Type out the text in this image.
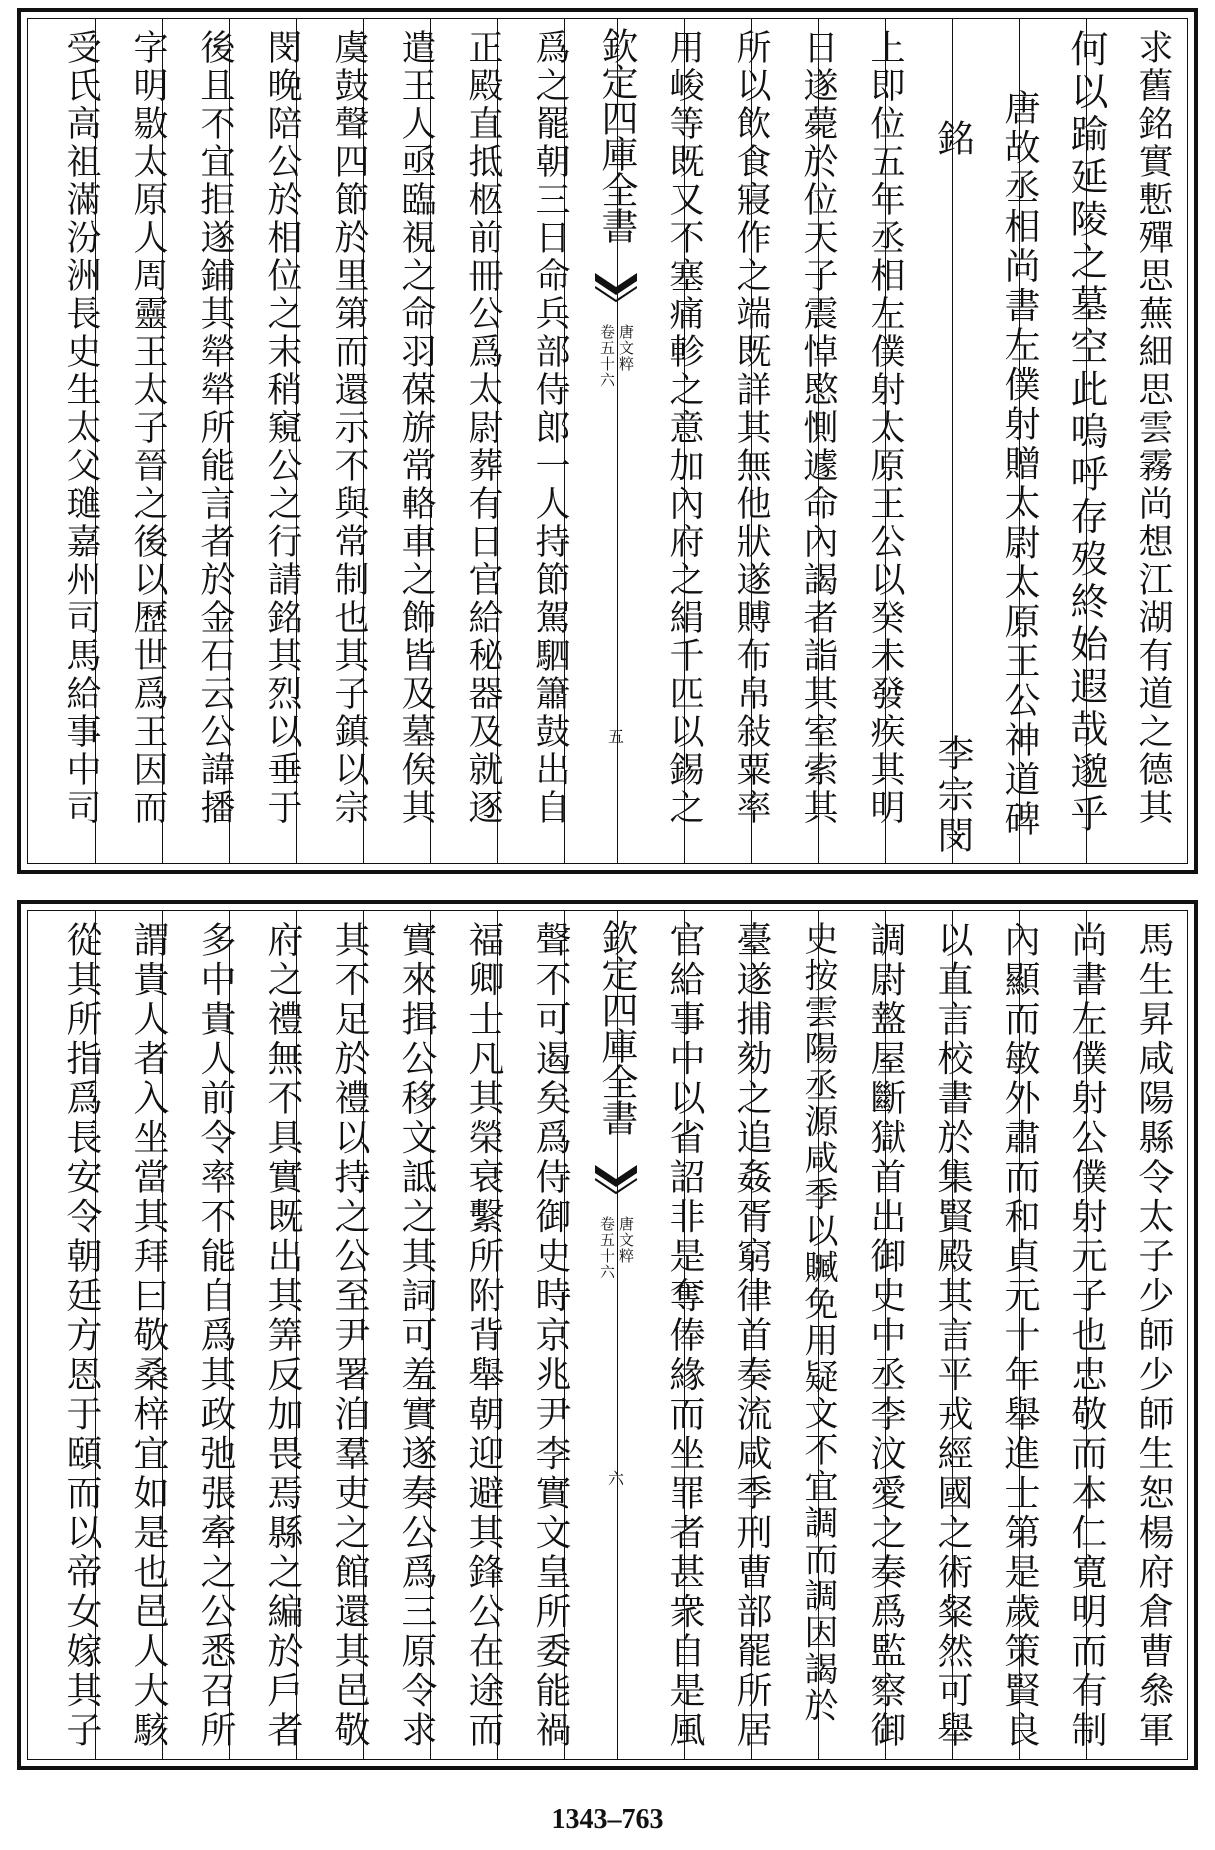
求舊銘實慙殫思蕪細思雲霧尚想江湖有道之德其
何以踰延陵之墓空此嗚呼存歿終始遐哉邈乎
唐故丞相尚書左僕射贈太尉太原王公神道碑
銘　　　　　　　　　　　　　　李宗閔
上即位五年丞相左僕射太原王公以癸未發疾其明
日遂薨於位天子震悼愍惻遽命內謁者詣其室索其
所以飲食寢作之端既詳其無他狀遂賻布帛敍粟率
用峻等既又不塞痛軫之意加內府之絹千匹以錫之
欽定四庫全書
卷五十六 唐文粹
五
爲之罷朝三日命兵部侍郎一人持節駕駟簫鼓出自
正殿直抵柩前冊公爲太尉葬有日官給秘器及就逐
遣王人亟臨視之命羽葆旂常輅車之飾皆及墓俟其
虞鼓聲四節於里第而還示不與常制也其子鎮以宗
閔晚陪公於相位之末稍窺公之行請銘其烈以垂于
後且不宜拒遂鋪其犖犖所能言者於金石云公諱播
字明敭太原人周靈王太子晉之後以歷世爲王因而
受氏高祖滿汾洲長史生太父璡嘉州司馬給事中司
馬生昇咸陽縣令太子少師少師生恕楊府倉曹叅軍
尚書左僕射公僕射元子也忠敬而本仁寛明而有制
內顯而敏外肅而和貞元十年舉進士第是歲策賢良
以直言校書於集賢殿其言平戎經國之術粲然可舉
調尉盩屋斷獄首出御史中丞李汶愛之奏爲監察御
史按雲陽丞源咸季以贓免用疑文不宜調而調因謁於
臺遂捕劾之追姦胥窮律首奏流咸季刑曹部罷所居
官給事中以省詔非是奪俸緣而坐罪者甚衆自是風
欽定四庫全書
卷五十六 唐文粹
六
聲不可遏矣爲侍御史時京兆尹李實文皇所委能禍
福卿士凡其榮衰繫所附背舉朝迎避其鋒公在途而
實來揖公移文詆之其詞可羞實遂奏公爲三原令求
其不足於禮以持之公至尹署洎羣吏之館還其邑敬
府之禮無不具實既出其筭反加畏焉縣之編於戶者
多中貴人前令率不能自爲其政弛張牽之公悉召所
謂貴人者入坐當其拜曰敬桑梓宜如是也邑人大駭
從其所指爲長安令朝廷方恩于頤而以帝女嫁其子
1343–763
